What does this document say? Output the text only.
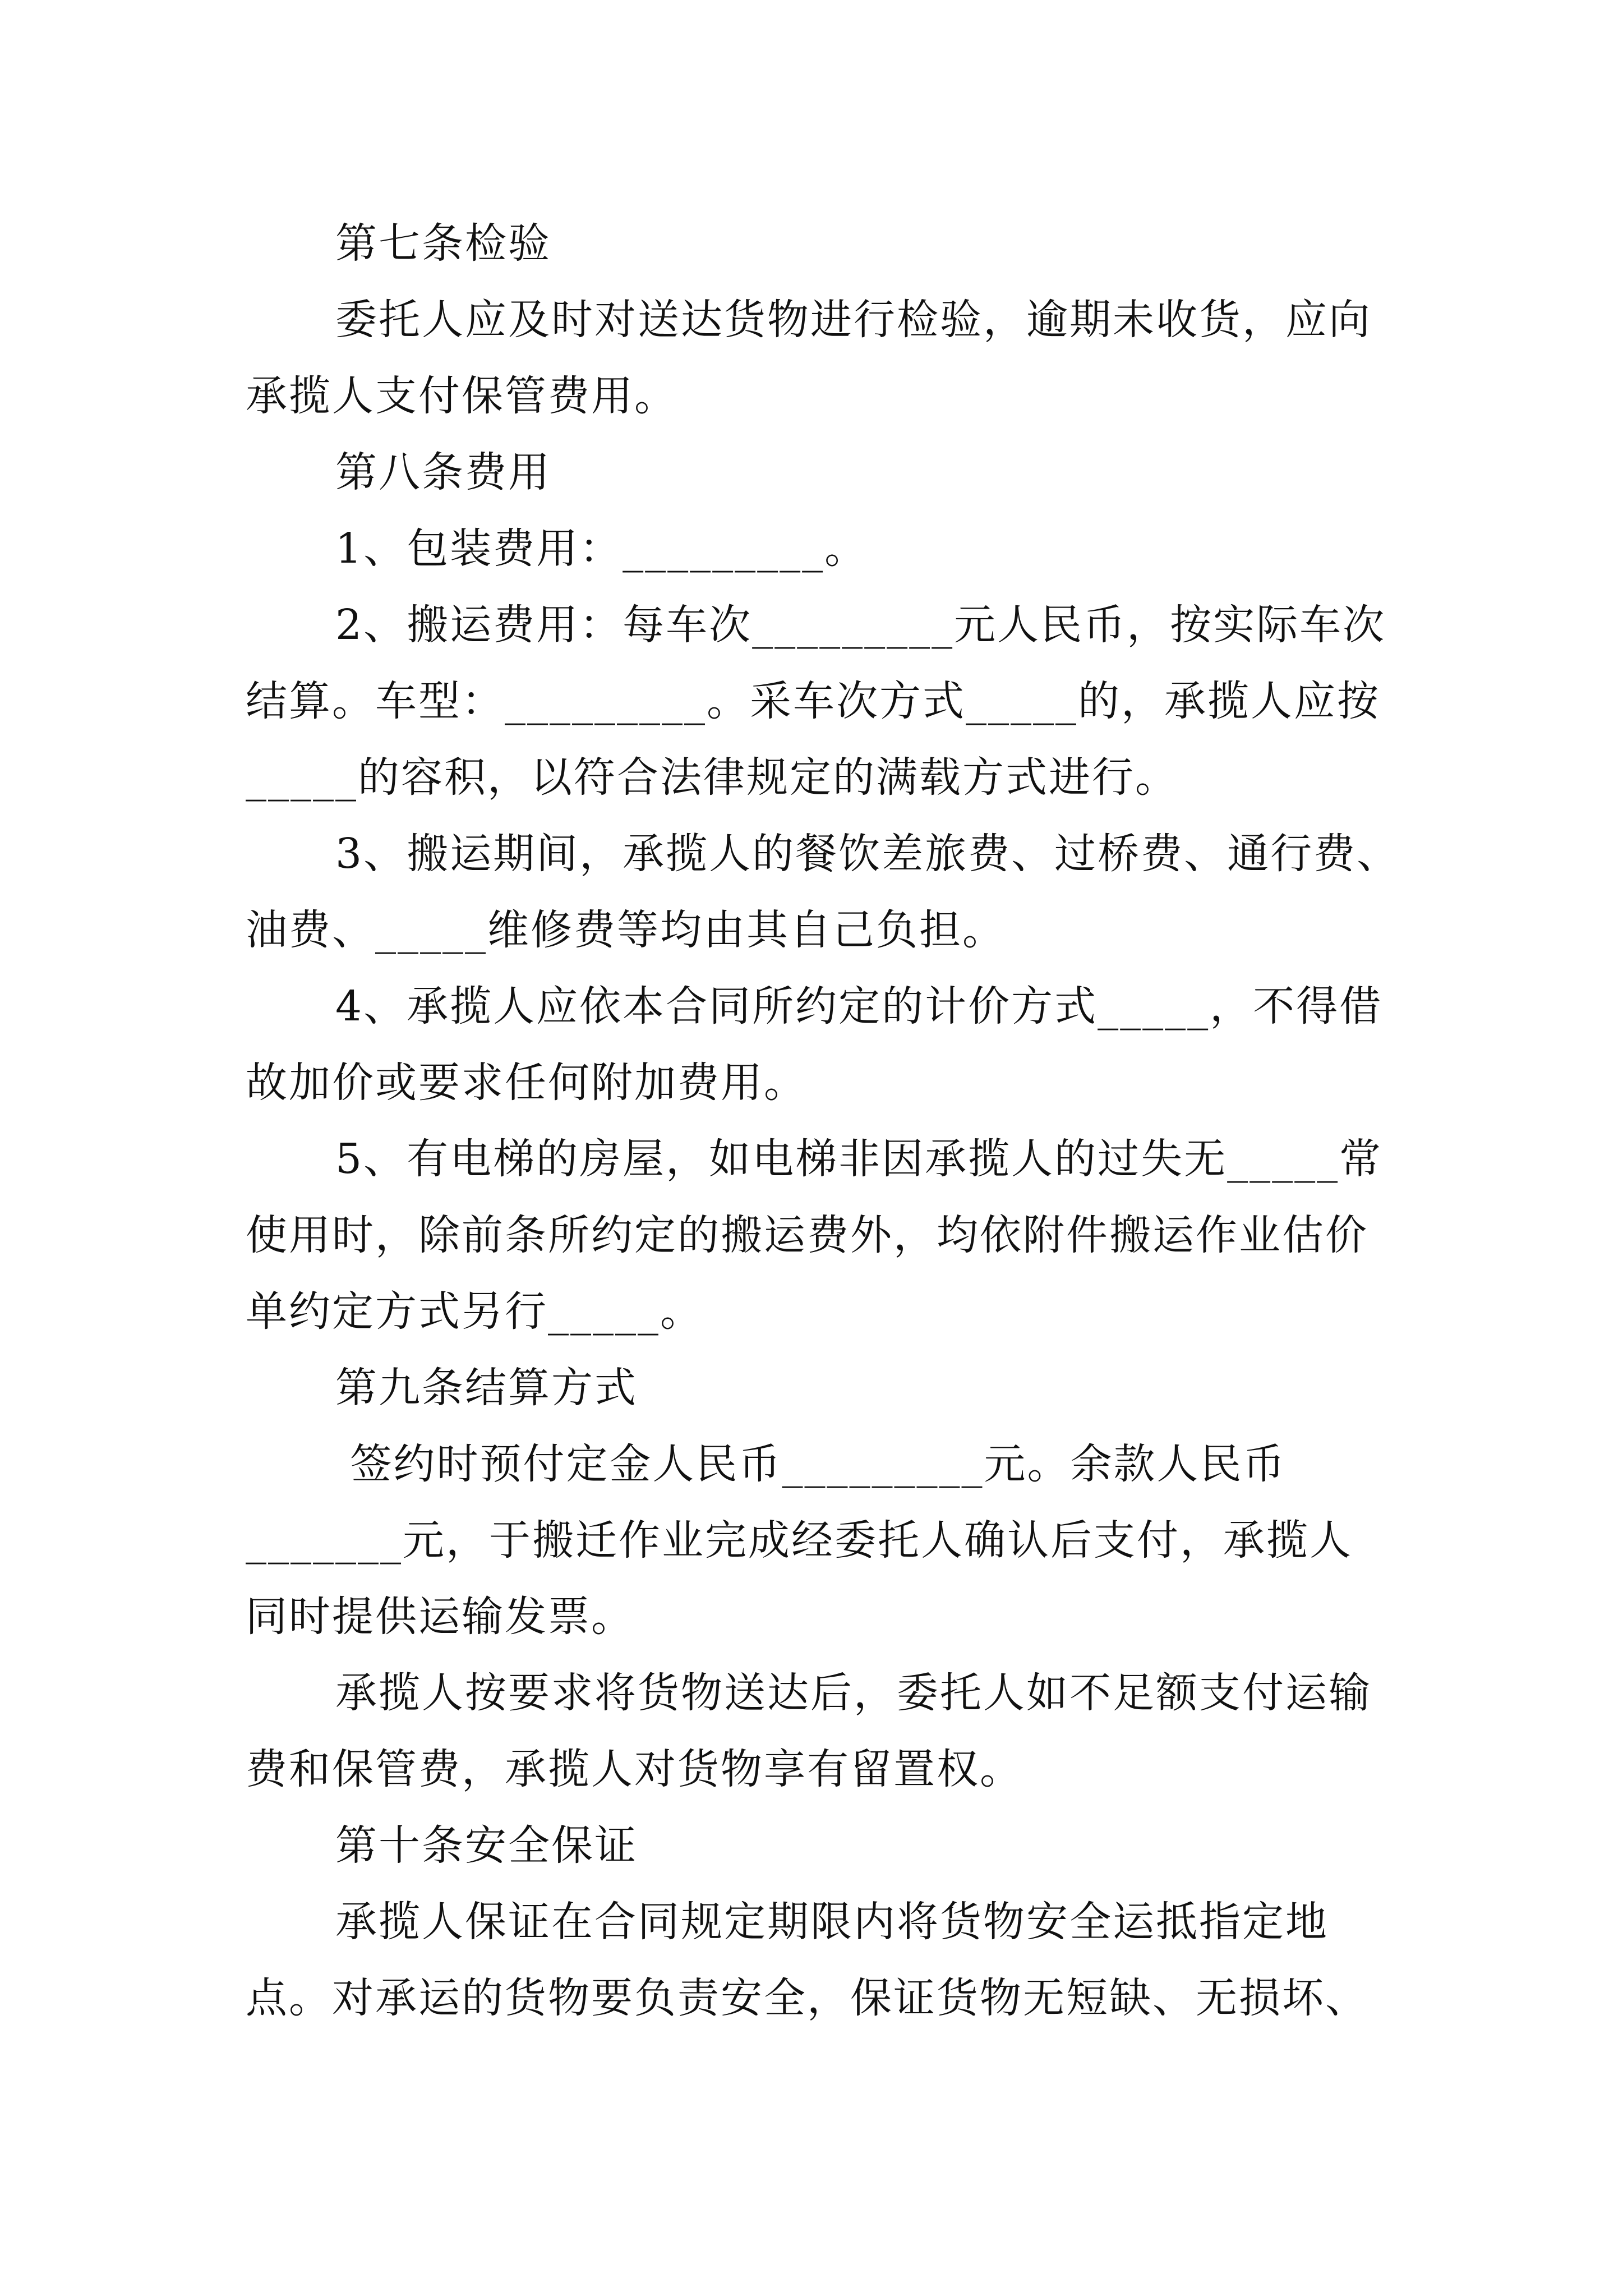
第七条检验
委托人应及时对送达货物进行检验，逾期未收货，应向
承揽人支付保管费用。
第八条费用
1、包装费用：_________。
2、搬运费用：每车次_________元人民币，按实际车次
结算。车型：_________。采车次方式_____的，承揽人应按
_____的容积，以符合法律规定的满载方式进行。
3、搬运期间，承揽人的餐饮差旅费、过桥费、通行费、
油费、_____维修费等均由其自己负担。
4、承揽人应依本合同所约定的计价方式_____，不得借
故加价或要求任何附加费用。
5、有电梯的房屋，如电梯非因承揽人的过失无_____常
使用时，除前条所约定的搬运费外，均依附件搬运作业估价
单约定方式另行_____。
第九条结算方式
签约时预付定金人民币_________元。余款人民币
_______元，于搬迁作业完成经委托人确认后支付，承揽人
同时提供运输发票。
承揽人按要求将货物送达后，委托人如不足额支付运输
费和保管费，承揽人对货物享有留置权。
第十条安全保证
承揽人保证在合同规定期限内将货物安全运抵指定地
点。对承运的货物要负责安全，保证货物无短缺、无损坏、
